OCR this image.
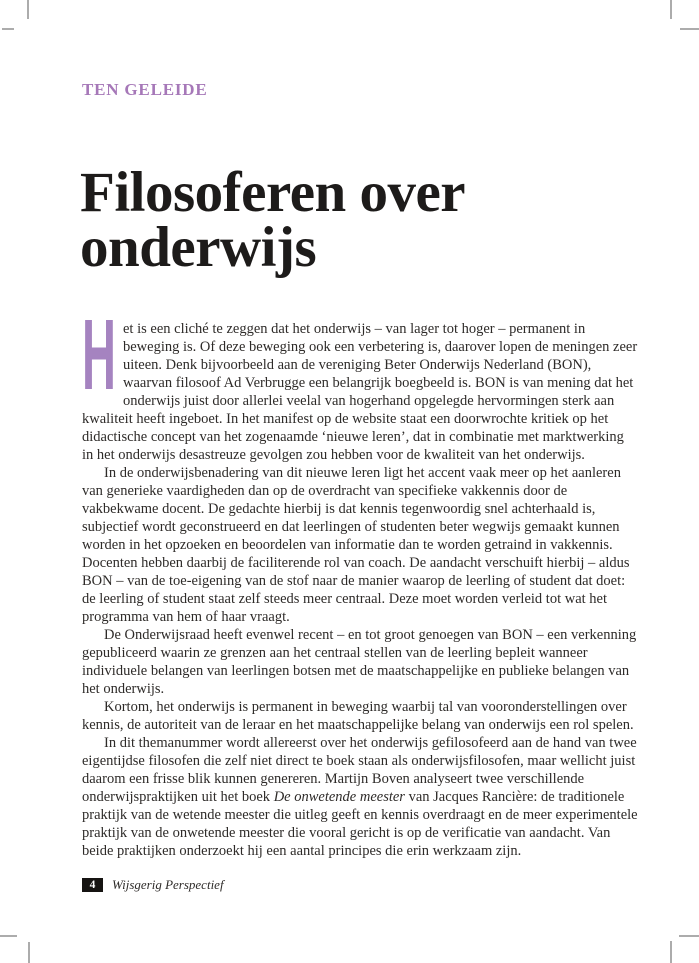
TEN GELEIDE
Filosoferen over
onderwijs

H et is een cliché te zeggen dat het onderwijs – van lager tot hoger – permanent in beweging is. Of deze beweging ook een verbetering is, daarover lopen de meningen zeer uiteen. Denk bijvoorbeeld aan de vereniging Beter Onderwijs Nederland (BON), waarvan filosoof Ad Verbrugge een belangrijk boegbeeld is. BON is van mening dat het onderwijs juist door allerlei veelal van hogerhand opgelegde hervormingen sterk aan kwaliteit heeft ingeboet. In het manifest op de website staat een doorwrochte kritiek op het didactische concept van het zogenaamde ‘nieuwe leren’, dat in combinatie met marktwerking in het onderwijs desastreuze gevolgen zou hebben voor de kwaliteit van het onderwijs.

In de onderwijsbenadering van dit nieuwe leren ligt het accent vaak meer op het aanleren van generieke vaardigheden dan op de overdracht van specifieke vakkennis door de vakbekwame docent. De gedachte hierbij is dat kennis tegenwoordig snel achterhaald is, subjectief wordt geconstrueerd en dat leerlingen of studenten beter wegwijs gemaakt kunnen worden in het opzoeken en beoordelen van informatie dan te worden getraind in vakkennis. Docenten hebben daarbij de faciliterende rol van coach. De aandacht verschuift hierbij – aldus BON – van de toe-eigening van de stof naar de manier waarop de leerling of student dat doet: de leerling of student staat zelf steeds meer centraal. Deze moet worden verleid tot wat het programma van hem of haar vraagt.

De Onderwijsraad heeft evenwel recent – en tot groot genoegen van BON – een verkenning gepubliceerd waarin ze grenzen aan het centraal stellen van de leerling bepleit wanneer individuele belangen van leerlingen botsen met de maatschappelijke en publieke belangen van het onderwijs.

Kortom, het onderwijs is permanent in beweging waarbij tal van vooronderstellingen over kennis, de autoriteit van de leraar en het maatschappelijke belang van onderwijs een rol spelen.

In dit themanummer wordt allereerst over het onderwijs gefilosofeerd aan de hand van twee eigentijdse filosofen die zelf niet direct te boek staan als onderwijsfilosofen, maar wellicht juist daarom een frisse blik kunnen genereren. Martijn Boven analyseert twee verschillende onderwijspraktijken uit het boek De onwetende meester van Jacques Rancière: de traditionele praktijk van de wetende meester die uitleg geeft en kennis overdraagt en de meer experimentele praktijk van de onwetende meester die vooral gericht is op de verificatie van aandacht. Van beide praktijken onderzoekt hij een aantal principes die erin werkzaam zijn.

4 Wijsgerig Perspectief
